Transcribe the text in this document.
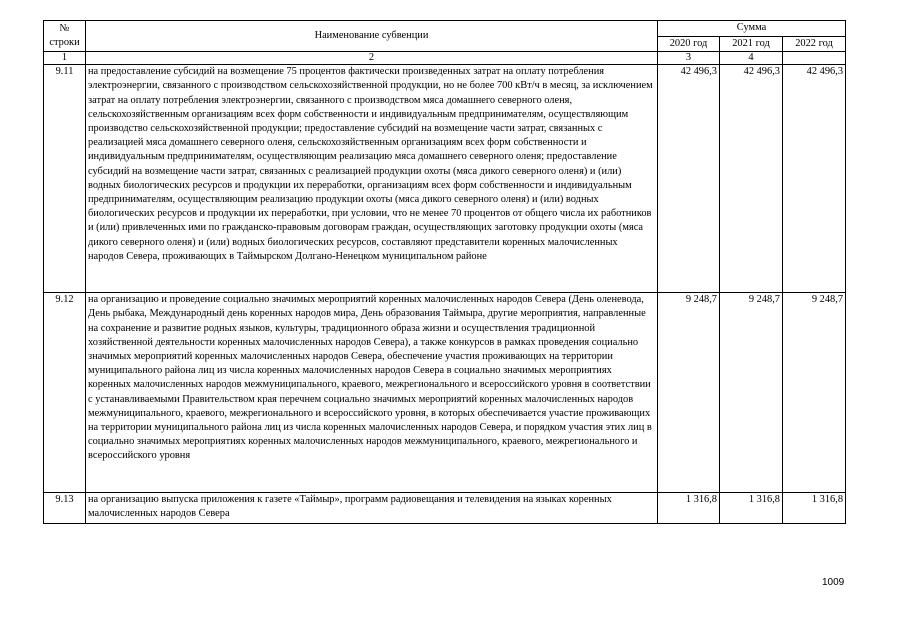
№ строки	Наименование субвенции	Сумма		
		2020 год	2021 год	2022 год
1	2	3	4	
9.11	на предоставление субсидий на возмещение 75 процентов фактически произведенных затрат на оплату потребления электроэнергии, связанного с производством сельскохозяйственной продукции, но не более 700 кВт/ч в месяц, за исключением затрат на оплату потребления электроэнергии, связанного с производством мяса домашнего северного оленя, сельскохозяйственным организациям всех форм собственности и индивидуальным предпринимателям, осуществляющим производство сельскохозяйственной продукции; предоставление субсидий на возмещение части затрат, связанных с реализацией мяса домашнего северного оленя, сельскохозяйственным организациям всех форм собственности и индивидуальным предпринимателям, осуществляющим реализацию мяса домашнего северного оленя; предоставление субсидий на возмещение части затрат, связанных с реализацией продукции охоты (мяса дикого северного оленя) и (или) водных биологических ресурсов и продукции их переработки, организациям всех форм собственности и индивидуальным предпринимателям, осуществляющим реализацию продукции охоты (мяса дикого северного оленя) и (или) водных биологических ресурсов и продукции их переработки, при условии, что не менее 70 процентов от общего числа их работников и (или) привлеченных ими по гражданско-правовым договорам граждан, осуществляющих заготовку продукции охоты (мяса дикого северного оленя) и (или) водных биологических ресурсов, составляют представители коренных малочисленных народов Севера, проживающих в Таймырском Долгано-Ненецком муниципальном районе	42 496,3	42 496,3	42 496,3
9.12	на организацию и проведение социально значимых мероприятий коренных малочисленных народов Севера (День оленевода, День рыбака, Международный день коренных народов мира, День образования Таймыра, другие мероприятия, направленные на сохранение и развитие родных языков, культуры, традиционного образа жизни и осуществления традиционной хозяйственной деятельности коренных малочисленных народов Севера), а также конкурсов в рамках проведения социально значимых мероприятий коренных малочисленных народов Севера, обеспечение участия проживающих на территории муниципального района лиц из числа коренных малочисленных народов Севера в социально значимых мероприятиях коренных малочисленных народов межмуниципального, краевого, межрегионального и всероссийского уровня в соответствии с устанавливаемыми Правительством края перечнем социально значимых мероприятий коренных малочисленных народов межмуниципального, краевого, межрегионального и всероссийского уровня, в которых обеспечивается участие проживающих на территории муниципального района лиц из числа коренных малочисленных народов Севера, и порядком участия этих лиц в социально значимых мероприятиях коренных малочисленных народов межмуниципального, краевого, межрегионального и всероссийского уровня	9 248,7	9 248,7	9 248,7
9.13	на организацию выпуска приложения к газете «Таймыр», программ радиовещания и телевидения на языках коренных малочисленных народов Севера	1 316,8	1 316,8	1 316,8
1009
